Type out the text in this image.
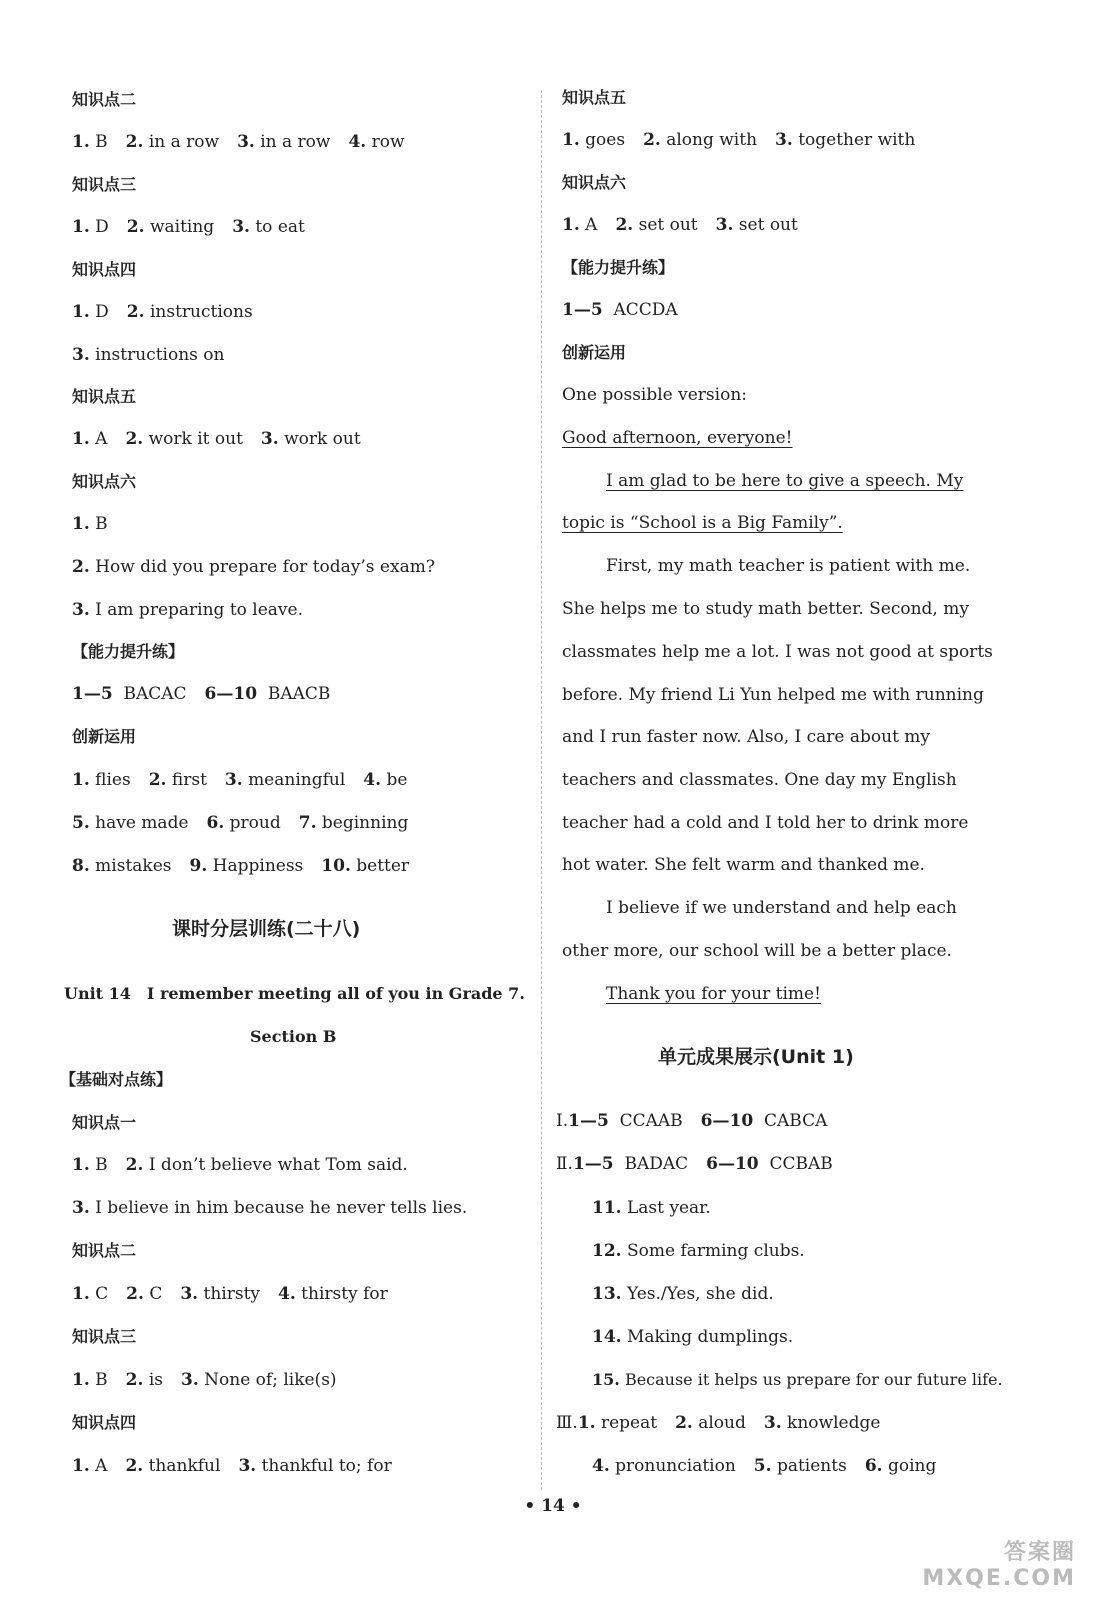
知识点二
1. B 2. in a row 3. in a row 4. row
知识点三
1. D 2. waiting 3. to eat
知识点四
1. D 2. instructions
3. instructions on
知识点五
1. A 2. work it out 3. work out
知识点六
1. B
2. How did you prepare for today’s exam?
3. I am preparing to leave.
【能力提升练】
1—5 BACAC 6—10 BAACB
创新运用
1. flies 2. first 3. meaningful 4. be
5. have made 6. proud 7. beginning
8. mistakes 9. Happiness 10. better
课时分层训练(二十八)
Unit 14　I remember meeting all of you in Grade 7.
Section B
【基础对点练】
知识点一
1. B 2. I don’t believe what Tom said.
3. I believe in him because he never tells lies.
知识点二
1. C 2. C 3. thirsty 4. thirsty for
知识点三
1. B 2. is 3. None of; like(s)
知识点四
1. A 2. thankful 3. thankful to; for
知识点五
1. goes 2. along with 3. together with
知识点六
1. A 2. set out 3. set out
【能力提升练】
1—5 ACCDA
创新运用
One possible version:
Good afternoon, everyone!
I am glad to be here to give a speech. My
topic is “School is a Big Family”.
First, my math teacher is patient with me.
She helps me to study math better. Second, my
classmates help me a lot. I was not good at sports
before. My friend Li Yun helped me with running
and I run faster now. Also, I care about my
teachers and classmates. One day my English
teacher had a cold and I told her to drink more
hot water. She felt warm and thanked me.
I believe if we understand and help each
other more, our school will be a better place.
Thank you for your time!
单元成果展示(Unit 1)
Ⅰ.1—5 CCAAB 6—10 CABCA
Ⅱ.1—5 BADAC 6—10 CCBAB
11. Last year.
12. Some farming clubs.
13. Yes./Yes, she did.
14. Making dumplings.
15. Because it helps us prepare for our future life.
Ⅲ.1. repeat 2. aloud 3. knowledge
4. pronunciation 5. patients 6. going
• 14 •
答案圈
MXQE.COM
